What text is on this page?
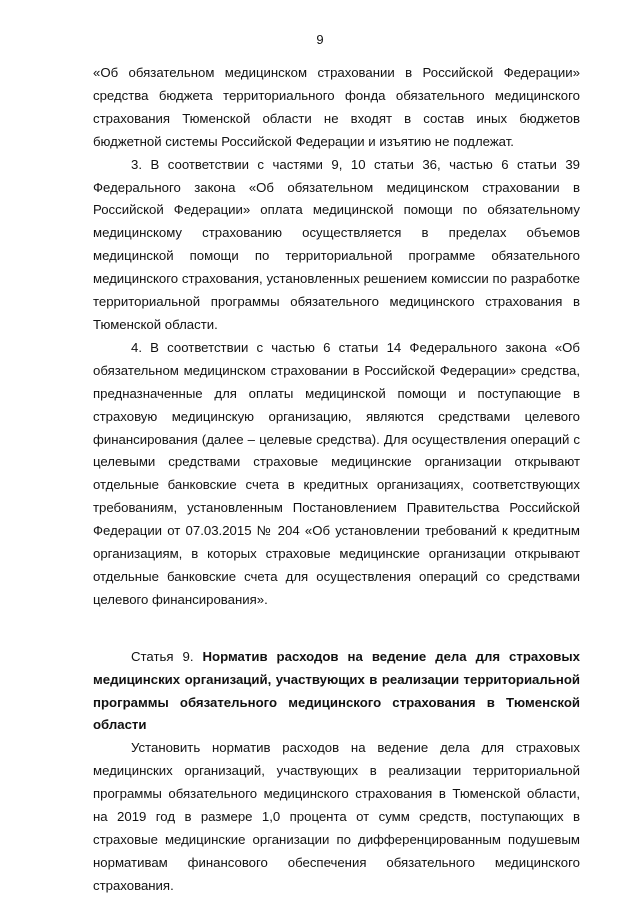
9

«Об обязательном медицинском страховании в Российской Федерации» средства бюджета территориального фонда обязательного медицинского страхования Тюменской области не входят в состав иных бюджетов бюджетной системы Российской Федерации и изъятию не подлежат.

3. В соответствии с частями 9, 10 статьи 36, частью 6 статьи 39 Федерального закона «Об обязательном медицинском страховании в Российской Федерации» оплата медицинской помощи по обязательному медицинскому страхованию осуществляется в пределах объемов медицинской помощи по территориальной программе обязательного медицинского страхования, установленных решением комиссии по разработке территориальной программы обязательного медицинского страхования в Тюменской области.

4. В соответствии с частью 6 статьи 14 Федерального закона «Об обязательном медицинском страховании в Российской Федерации» средства, предназначенные для оплаты медицинской помощи и поступающие в страховую медицинскую организацию, являются средствами целевого финансирования (далее – целевые средства). Для осуществления операций с целевыми средствами страховые медицинские организации открывают отдельные банковские счета в кредитных организациях, соответствующих требованиям, установленным Постановлением Правительства Российской Федерации от 07.03.2015 № 204 «Об установлении требований к кредитным организациям, в которых страховые медицинские организации открывают отдельные банковские счета для осуществления операций со средствами целевого финансирования».

Статья 9. Норматив расходов на ведение дела для страховых медицинских организаций, участвующих в реализации территориальной программы обязательного медицинского страхования в Тюменской области

Установить норматив расходов на ведение дела для страховых медицинских организаций, участвующих в реализации территориальной программы обязательного медицинского страхования в Тюменской области, на 2019 год в размере 1,0 процента от сумм средств, поступающих в страховые медицинские организации по дифференцированным подушевым нормативам финансового обеспечения обязательного медицинского страхования.
